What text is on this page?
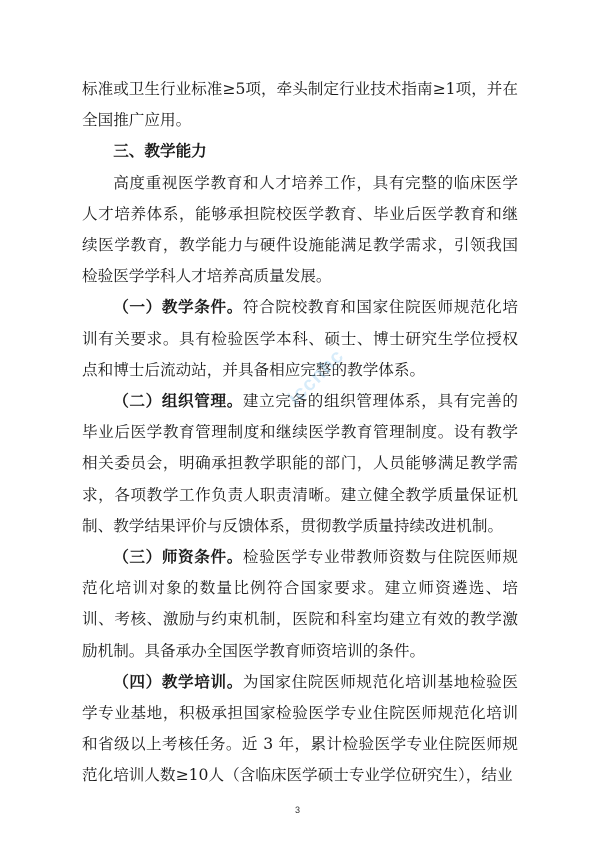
标准或卫生行业标准≥5项，牵头制定行业技术指南≥1项，并在全国推广应用。

三、教学能力

高度重视医学教育和人才培养工作，具有完整的临床医学人才培养体系，能够承担院校医学教育、毕业后医学教育和继续医学教育，教学能力与硬件设施能满足教学需求，引领我国检验医学学科人才培养高质量发展。

（一）教学条件。符合院校教育和国家住院医师规范化培训有关要求。具有检验医学本科、硕士、博士研究生学位授权点和博士后流动站，并具备相应完整的教学体系。

（二）组织管理。建立完备的组织管理体系，具有完善的毕业后医学教育管理制度和继续医学教育管理制度。设有教学相关委员会，明确承担教学职能的部门，人员能够满足教学需求，各项教学工作负责人职责清晰。建立健全教学质量保证机制、教学结果评价与反馈体系，贯彻教学质量持续改进机制。

（三）师资条件。检验医学专业带教师资数与住院医师规范化培训对象的数量比例符合国家要求。建立师资遴选、培训、考核、激励与约束机制，医院和科室均建立有效的教学激励机制。具备承办全国医学教育师资培训的条件。

（四）教学培训。为国家住院医师规范化培训基地检验医学专业基地，积极承担国家检验医学专业住院医师规范化培训和省级以上考核任务。近 3 年，累计检验医学专业住院医师规范化培训人数≥10人（含临床医学硕士专业学位研究生），结业

iccnhc
3
